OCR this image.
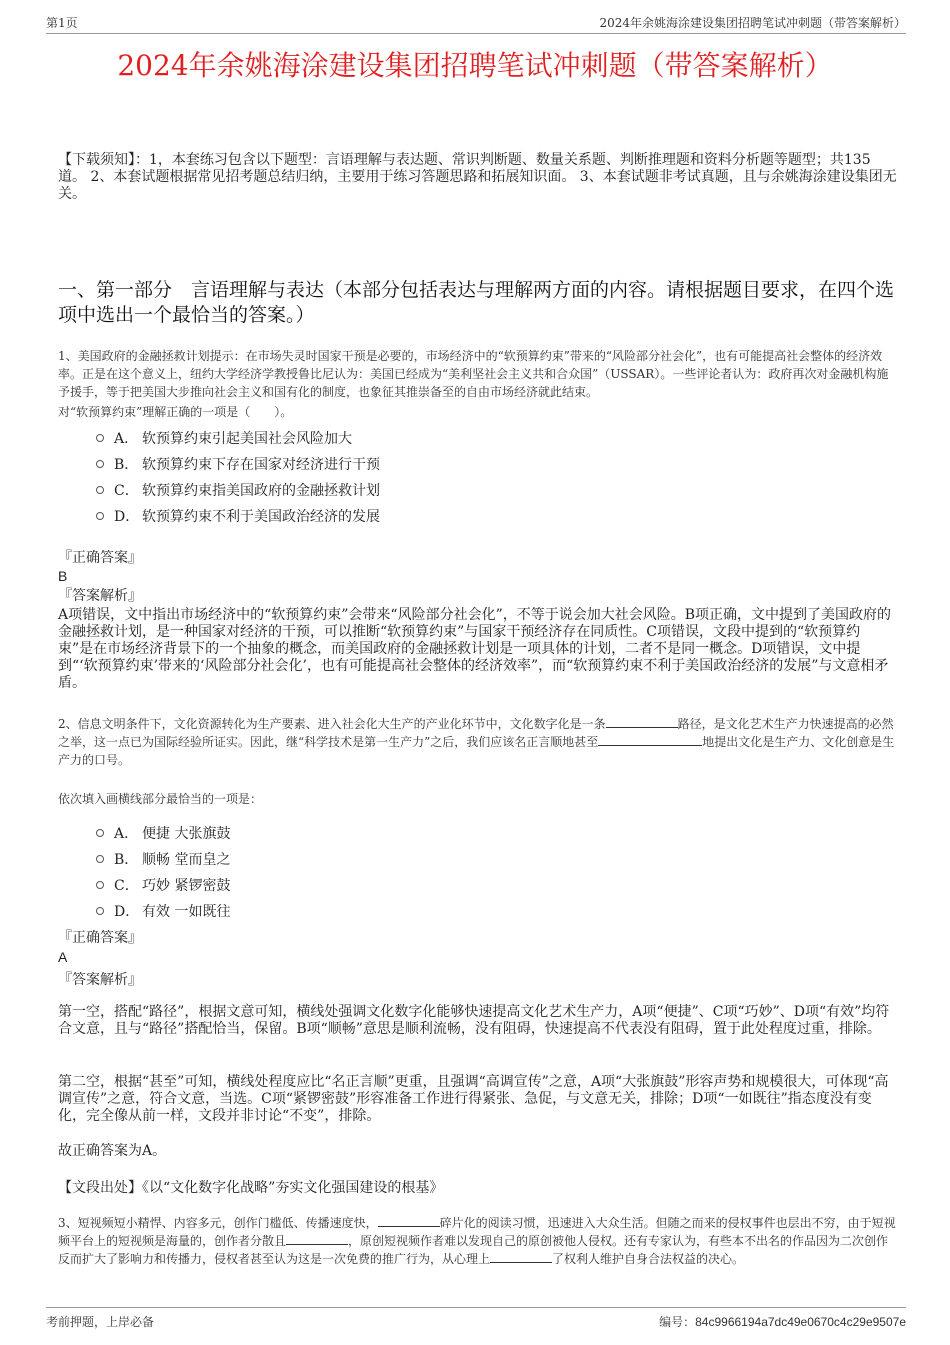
第1页	2024年余姚海涂建设集团招聘笔试冲刺题（带答案解析）
2024年余姚海涂建设集团招聘笔试冲刺题（带答案解析）
【下载须知】：1，本套练习包含以下题型：言语理解与表达题、常识判断题、数量关系题、判断推理题和资料分析题等题型；共135道。 2、本套试题根据常见招考题总结归纳，主要用于练习答题思路和拓展知识面。 3、本套试题非考试真题，且与余姚海涂建设集团无关。
一、第一部分　言语理解与表达（本部分包括表达与理解两方面的内容。请根据题目要求，在四个选项中选出一个最恰当的答案。）
1、美国政府的金融拯救计划提示：在市场失灵时国家干预是必要的，市场经济中的“软预算约束”带来的“风险部分社会化”，也有可能提高社会整体的经济效率。正是在这个意义上，纽约大学经济学教授鲁比尼认为：美国已经成为“美利坚社会主义共和合众国”（USSAR）。一些评论者认为：政府再次对金融机构施予援手，等于把美国大步推向社会主义和国有化的制度，也象征其推崇备至的自由市场经济就此结束。
对“软预算约束”理解正确的一项是（　　）。
A． 软预算约束引起美国社会风险加大
B． 软预算约束下存在国家对经济进行干预
C． 软预算约束指美国政府的金融拯救计划
D． 软预算约束不利于美国政治经济的发展
『正确答案』
B
『答案解析』
A项错误，文中指出市场经济中的“软预算约束”会带来“风险部分社会化”，不等于说会加大社会风险。B项正确，文中提到了美国政府的金融拯救计划，是一种国家对经济的干预，可以推断“软预算约束”与国家干预经济存在同质性。C项错误，文段中提到的“软预算约束”是在市场经济背景下的一个抽象的概念，而美国政府的金融拯救计划是一项具体的计划，二者不是同一概念。D项错误，文中提到“‘软预算约束’带来的‘风险部分社会化’，也有可能提高社会整体的经济效率”，而“软预算约束不利于美国政治经济的发展”与文意相矛盾。
2、信息文明条件下，文化资源转化为生产要素、进入社会化大生产的产业化环节中，文化数字化是一条	路径，是文化艺术生产力快速提高的必然之举，这一点已为国际经验所证实。因此，继“科学技术是第一生产力”之后，我们应该名正言顺地甚至	地提出文化是生产力、文化创意是生产力的口号。
依次填入画横线部分最恰当的一项是：
A． 便捷 大张旗鼓
B． 顺畅 堂而皇之
C． 巧妙 紧锣密鼓
D． 有效 一如既往
『正确答案』
A
『答案解析』
第一空，搭配“路径”，根据文意可知，横线处强调文化数字化能够快速提高文化艺术生产力，A项“便捷”、C项“巧妙”、D项“有效”均符合文意，且与“路径”搭配恰当，保留。B项“顺畅”意思是顺利流畅，没有阻碍，快速提高不代表没有阻碍，置于此处程度过重，排除。
第二空，根据“甚至”可知，横线处程度应比“名正言顺”更重，且强调“高调宣传”之意，A项“大张旗鼓”形容声势和规模很大，可体现“高调宣传”之意，符合文意，当选。C项“紧锣密鼓”形容准备工作进行得紧张、急促，与文意无关，排除；D项“一如既往”指态度没有变化，完全像从前一样，文段并非讨论“不变”，排除。
故正确答案为A。
【文段出处】《以“文化数字化战略”夯实文化强国建设的根基》
3、短视频短小精悍、内容多元，创作门槛低、传播速度快，	碎片化的阅读习惯，迅速进入大众生活。但随之而来的侵权事件也层出不穷，由于短视频平台上的短视频是海量的，创作者分散且	，原创短视频作者难以发现自己的原创被他人侵权。还有专家认为，有些本不出名的作品因为二次创作反而扩大了影响力和传播力，侵权者甚至认为这是一次免费的推广行为，从心理上	了权利人维护自身合法权益的决心。
考前押题，上岸必备	编号：84c9966194a7dc49e0670c4c29e9507e
